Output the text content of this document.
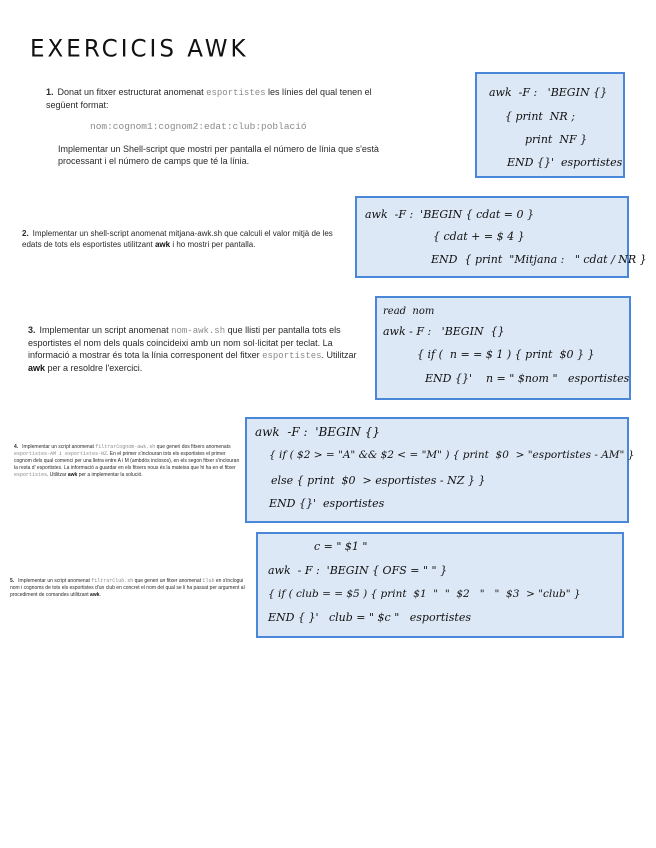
EXERCICIS AWK

1. Donat un fitxer estructurat anomenat esportistes les línies del qual tenen el següent format:

nom:cognom1:cognom2:edat:club:població

Implementar un Shell-script que mostri per pantalla el número de línia que s'està processant i el número de camps que té la línia.

awk  -F :   'BEGIN {}
{ print  NR ;
print  NF }
END {}'  esportistes

2. Implementar un shell-script anomenat mitjana-awk.sh que calculi el valor mitjà de les edats de tots els esportistes utilitzant awk i ho mostri per pantalla.

awk  -F :  'BEGIN { cdat = 0 }
{ cdat + = $ 4 }
END  { print  "Mitjana :   " cdat / NR }

3. Implementar un script anomenat nom-awk.sh que llisti per pantalla tots els esportistes el nom dels quals coincideixi amb un nom sol·licitat per teclat. La informació a mostrar és tota la línia corresponent del fitxer esportistes. Utilitzar awk per a resoldre l'exercici.

read  nom
awk - F :   'BEGIN  {}
{ if (  n = = $ 1 ) { print  $0 } }
END {}'    n = " $nom "   esportistes

4. Implementar un script anomenat filtrarCognom-awk.sh que generi dos fitxers anomenats esportistes-AM i esportistes-NZ. En el primer s'inclouran tots els esportistes el primer cognom dels qual comenci per una lletra entre A i M (ambdós inclosos), en els segon fitxer s'inclouran la resta d' esportistes. La informació a guardar en els fitxers nous és la mateixa que hi ha en el fitxer esportistes. Utilitzar awk per a implementar la solució.

awk  -F :  'BEGIN {}
{ if ( $2 > = "A" && $2 < = "M" ) { print  $0  > "esportistes - AM" }
else { print  $0  > esportistes - NZ } }
END {}'  esportistes

5. Implementar un script anomenat filtrarClub.sh que generi un fitxer anomenat Club en s'inclogui nom i cognoms de tots els esportistes d'un club en concret el nom del qual se li ha passat per argument al procediment de comandes utilitzant awk.

c = " $1 "
awk  - F :  'BEGIN { OFS = " " }
{ if ( club = = $5 ) { print  $1  "  "  $2   "   "  $3  > "club" }
END { }'   club = " $c "   esportistes
